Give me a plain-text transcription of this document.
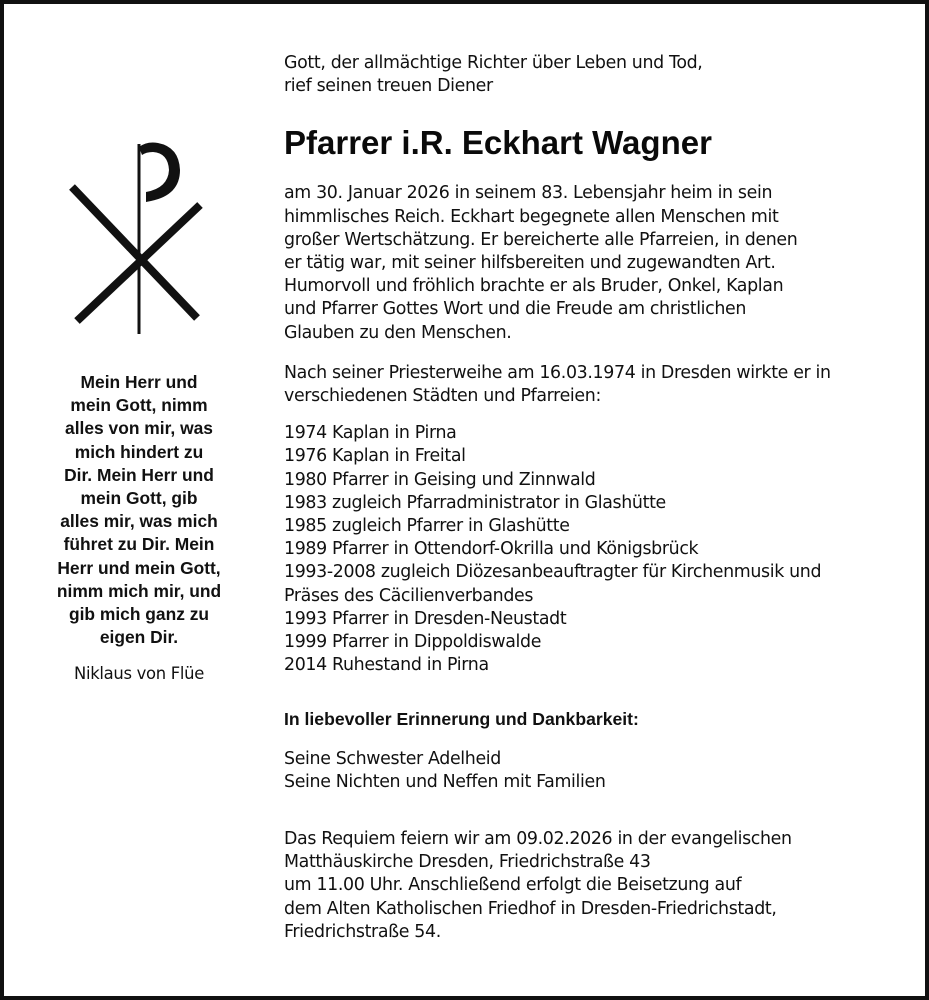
Mein Herr und
mein Gott, nimm
alles von mir, was
mich hindert zu
Dir. Mein Herr und
mein Gott, gib
alles mir, was mich
führet zu Dir. Mein
Herr und mein Gott,
nimm mich mir, und
gib mich ganz zu
eigen Dir.
Niklaus von Flüe

Gott, der allmächtige Richter über Leben und Tod,
rief seinen treuen Diener

Pfarrer i.R. Eckhart Wagner

am 30. Januar 2026 in seinem 83. Lebensjahr heim in sein
himmlisches Reich. Eckhart begegnete allen Menschen mit
großer Wertschätzung. Er bereicherte alle Pfarreien, in denen
er tätig war, mit seiner hilfsbereiten und zugewandten Art.
Humorvoll und fröhlich brachte er als Bruder, Onkel, Kaplan
und Pfarrer Gottes Wort und die Freude am christlichen
Glauben zu den Menschen.

Nach seiner Priesterweihe am 16.03.1974 in Dresden wirkte er in
verschiedenen Städten und Pfarreien:

1974 Kaplan in Pirna
1976 Kaplan in Freital
1980 Pfarrer in Geising und Zinnwald
1983 zugleich Pfarradministrator in Glashütte
1985 zugleich Pfarrer in Glashütte
1989 Pfarrer in Ottendorf-Okrilla und Königsbrück
1993-2008 zugleich Diözesanbeauftragter für Kirchenmusik und
Präses des Cäcilienverbandes
1993 Pfarrer in Dresden-Neustadt
1999 Pfarrer in Dippoldiswalde
2014 Ruhestand in Pirna

In liebevoller Erinnerung und Dankbarkeit:

Seine Schwester Adelheid
Seine Nichten und Neffen mit Familien

Das Requiem feiern wir am 09.02.2026 in der evangelischen
Matthäuskirche Dresden, Friedrichstraße 43
um 11.00 Uhr. Anschließend erfolgt die Beisetzung auf
dem Alten Katholischen Friedhof in Dresden-Friedrichstadt,
Friedrichstraße 54.
